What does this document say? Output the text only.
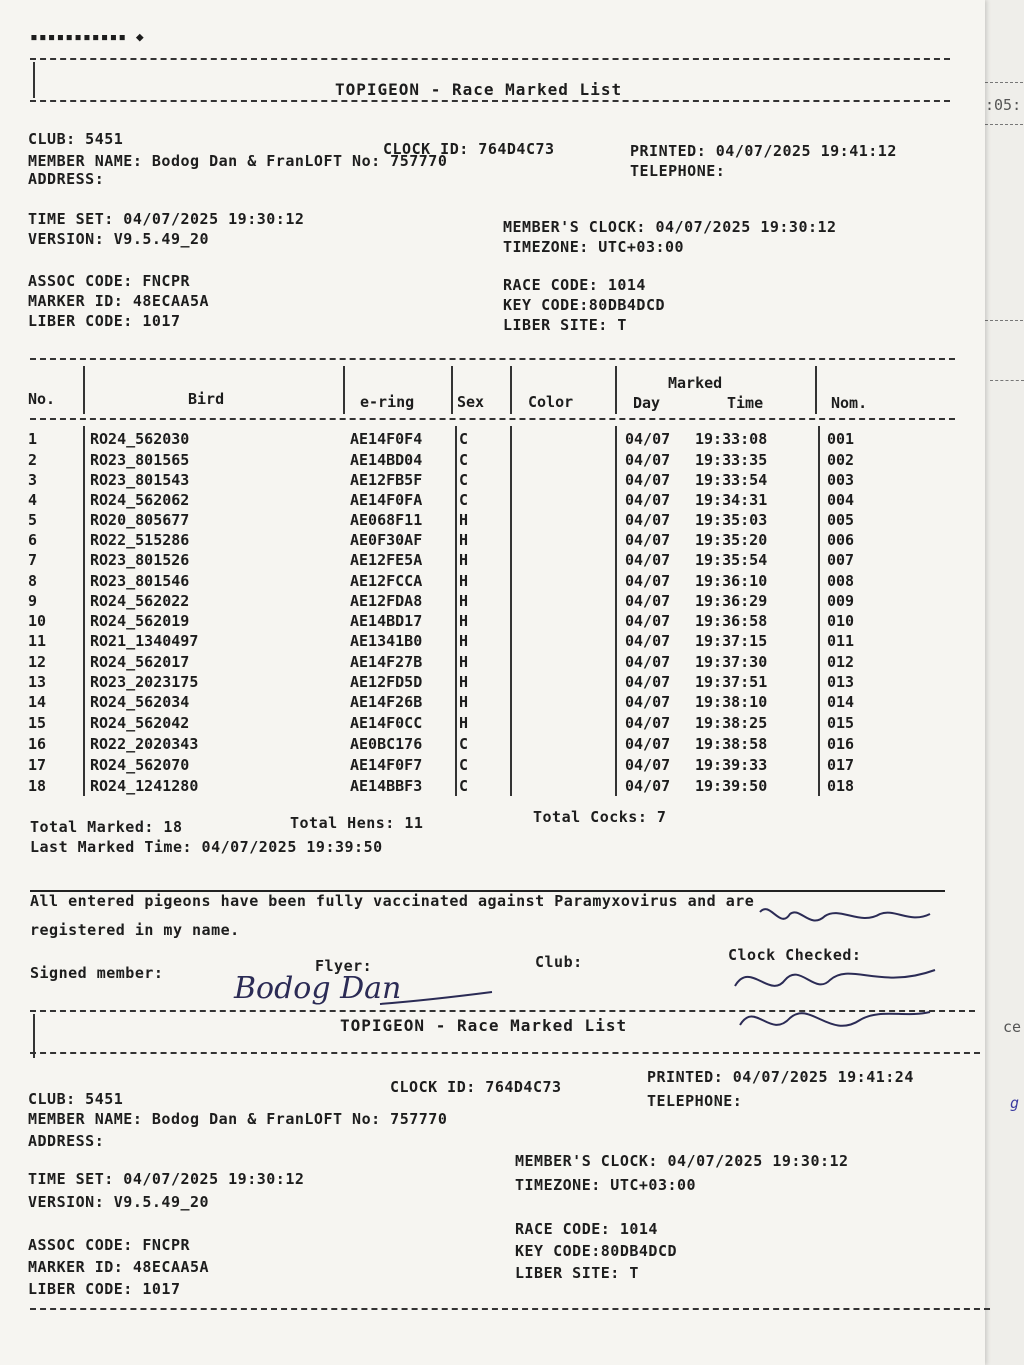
:05:
ce
g
▪▪▪▪▪▪▪▪▪▪▪ ◆
TOPIGEON - Race Marked List
CLUB: 5451
CLOCK ID: 764D4C73	PRINTED: 04/07/2025 19:41:12
MEMBER NAME: Bodog Dan & FranLOFT No: 757770
TELEPHONE:
ADDRESS:
TIME SET: 04/07/2025 19:30:12
VERSION: V9.5.49_20
MEMBER'S CLOCK: 04/07/2025 19:30:12
TIMEZONE: UTC+03:00
ASSOC CODE: FNCPR
MARKER ID: 48ECAA5A
LIBER CODE: 1017
RACE CODE: 1014
KEY CODE:80DB4DCD
LIBER SITE: T
No.	Bird	e-ring	Sex	Color
Marked
Day	Time	Nom.
1	RO24_562030	AE14F0F4 C	04/07 19:33:08	001
2	RO23_801565	AE14BD04 C	04/07 19:33:35	002
3	RO23_801543	AE12FB5F C	04/07 19:33:54	003
4	RO24_562062	AE14F0FA C	04/07 19:34:31	004
5	RO20_805677	AE068F11 H	04/07 19:35:03	005
6	RO22_515286	AE0F30AF H	04/07 19:35:20	006
7	RO23_801526	AE12FE5A H	04/07 19:35:54	007
8	RO23_801546	AE12FCCA H	04/07 19:36:10	008
9	RO24_562022	AE12FDA8 H	04/07 19:36:29	009
10	RO24_562019	AE14BD17 H	04/07 19:36:58	010
11	RO21_1340497	AE1341B0 H	04/07 19:37:15	011
12	RO24_562017	AE14F27B H	04/07 19:37:30	012
13	RO23_2023175	AE12FD5D H	04/07 19:37:51	013
14	RO24_562034	AE14F26B H	04/07 19:38:10	014
15	RO24_562042	AE14F0CC H	04/07 19:38:25	015
16	RO22_2020343	AE0BC176 C	04/07 19:38:58	016
17	RO24_562070	AE14F0F7 C	04/07 19:39:33	017
18	RO24_1241280	AE14BBF3 C	04/07 19:39:50	018
Total Marked: 18	Total Hens: 11	Total Cocks: 7
Last Marked Time: 04/07/2025 19:39:50
All entered pigeons have been fully vaccinated against Paramyxovirus and are
registered in my name.
Signed member:	Flyer:	Club:	Clock Checked:
Bodog Dan
TOPIGEON - Race Marked List
CLUB: 5451
CLOCK ID: 764D4C73
PRINTED: 04/07/2025 19:41:24
MEMBER NAME: Bodog Dan & FranLOFT No: 757770
TELEPHONE:
ADDRESS:
TIME SET: 04/07/2025 19:30:12
VERSION: V9.5.49_20
MEMBER'S CLOCK: 04/07/2025 19:30:12
TIMEZONE: UTC+03:00
ASSOC CODE: FNCPR
MARKER ID: 48ECAA5A
LIBER CODE: 1017
RACE CODE: 1014
KEY CODE:80DB4DCD
LIBER SITE: T
